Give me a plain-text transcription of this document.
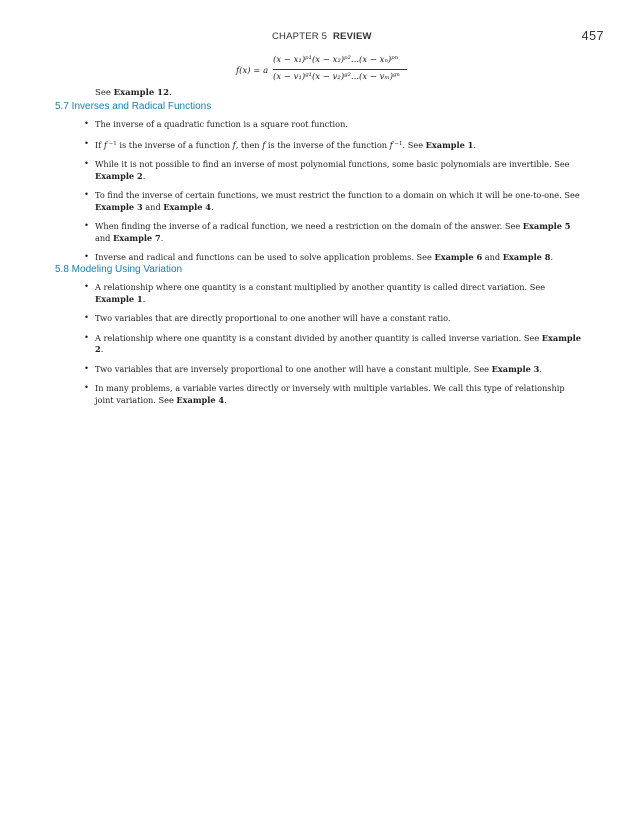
CHAPTER 5 REVIEW	457
f(x) = a
(x − x₁)ᵖ¹(x − x₂)ᵖ²...(x − xₙ)ᵖⁿ
(x − v₁)ᵍ¹(x − v₂)ᵍ²...(x − vₘ)ᵍⁿ
See Example 12.
5.7 Inverses and Radical Functions
• The inverse of a quadratic function is a square root function.
• If f $^{-1}$ is the inverse of a function f, then f is the inverse of the function f $^{-1}$. See Example 1.
• While it is not possible to find an inverse of most polynomial functions, some basic polynomials are invertible. See Example 2.
• To find the inverse of certain functions, we must restrict the function to a domain on which it will be one-to-one. See Example 3 and Example 4.
• When finding the inverse of a radical function, we need a restriction on the domain of the answer. See Example 5 and Example 7.
• Inverse and radical and functions can be used to solve application problems. See Example 6 and Example 8.
5.8 Modeling Using Variation
• A relationship where one quantity is a constant multiplied by another quantity is called direct variation. See Example 1.
• Two variables that are directly proportional to one another will have a constant ratio.
• A relationship where one quantity is a constant divided by another quantity is called inverse variation. See Example 2.
• Two variables that are inversely proportional to one another will have a constant multiple. See Example 3.
• In many problems, a variable varies directly or inversely with multiple variables. We call this type of relationship joint variation. See Example 4.
